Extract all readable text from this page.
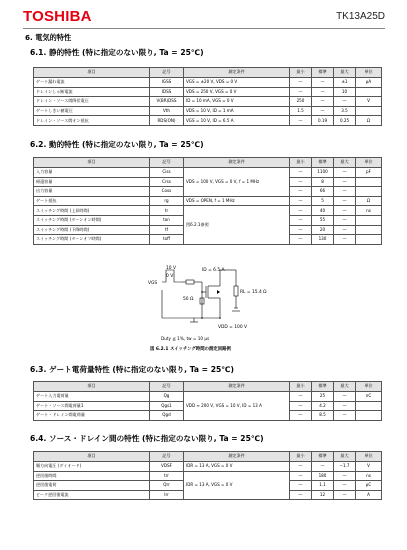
TOSHIBA	TK13A25D
6. 電気的特性
6.1. 静的特性 (特に指定のない限り, Ta = 25℃)
項目	記号	測定条件	最小	標準	最大	単位
ゲート漏れ電流	IGSS	VGS = ±20 V, VDS = 0 V	—	—	±1	μA
ドレインしゃ断電流	IDSS	VDS = 250 V, VGS = 0 V	—	—	10	
ドレイン・ソース間降伏電圧	V(BR)DSS	ID = 10 mA, VGS = 0 V	250	—	—	V
ゲートしきい値電圧	Vth	VDS = 10 V, ID = 1 mA	1.5	—	3.5	
ドレイン・ソース間オン抵抗	RDS(ON)	VGS = 10 V, ID = 6.5 A	—	0.19	0.25	Ω
6.2. 動的特性 (特に指定のない限り, Ta = 25℃)
項目	記号	測定条件	最小	標準	最大	単位
入力容量	Ciss	VDS = 100 V, VGS = 0 V, f = 1 MHz	—	1100	—	pF
帰還容量	Crss		—	8	—	
出力容量	Coss		—	66	—	
ゲート抵抗	rg	VDS = OPEN, f = 1 MHz	—	5	—	Ω
スイッチング時間 (上昇時間)	tr	図6.2.1参照	—	40	—	ns
スイッチング時間 (ターンオン時間)	ton		—	55	—	
スイッチング時間 (下降時間)	tf		—	20	—	
スイッチング時間 (ターンオフ時間)	toff		—	130	—	
10 V
0 V
VGS
ID = 6.5 A
50 Ω
RL = 15.4 Ω
VDD = 100 V
Duty ≦ 1%, tw = 10 μs
図 6.2.1 スイッチング時間の測定回路例
6.3. ゲート電荷量特性 (特に指定のない限り, Ta = 25℃)
項目	記号	測定条件	最小	標準	最大	単位
ゲート入力電荷量	Qg	VDD ≈ 200 V, VGS = 10 V, ID = 13 A	—	25	—	nC
ゲート・ソース間電荷量1	Qgs1		—	4.2	—	
ゲート・ドレイン間電荷量	Qgd		—	8.5	—	
6.4. ソース・ドレイン間の特性 (特に指定のない限り, Ta = 25℃)
項目	記号	測定条件	最小	標準	最大	単位
順方向電圧 (ダイオード)	VDSF	IDR = 13 A, VGS = 0 V	—	—	−1.7	V
逆回復時間	trr	IDR = 13 A, VGS = 0 V	—	180	—	ns
逆回復電荷	Qrr		—	1.1	—	μC
ピーク逆回復電流	Irr		—	12	—	A
